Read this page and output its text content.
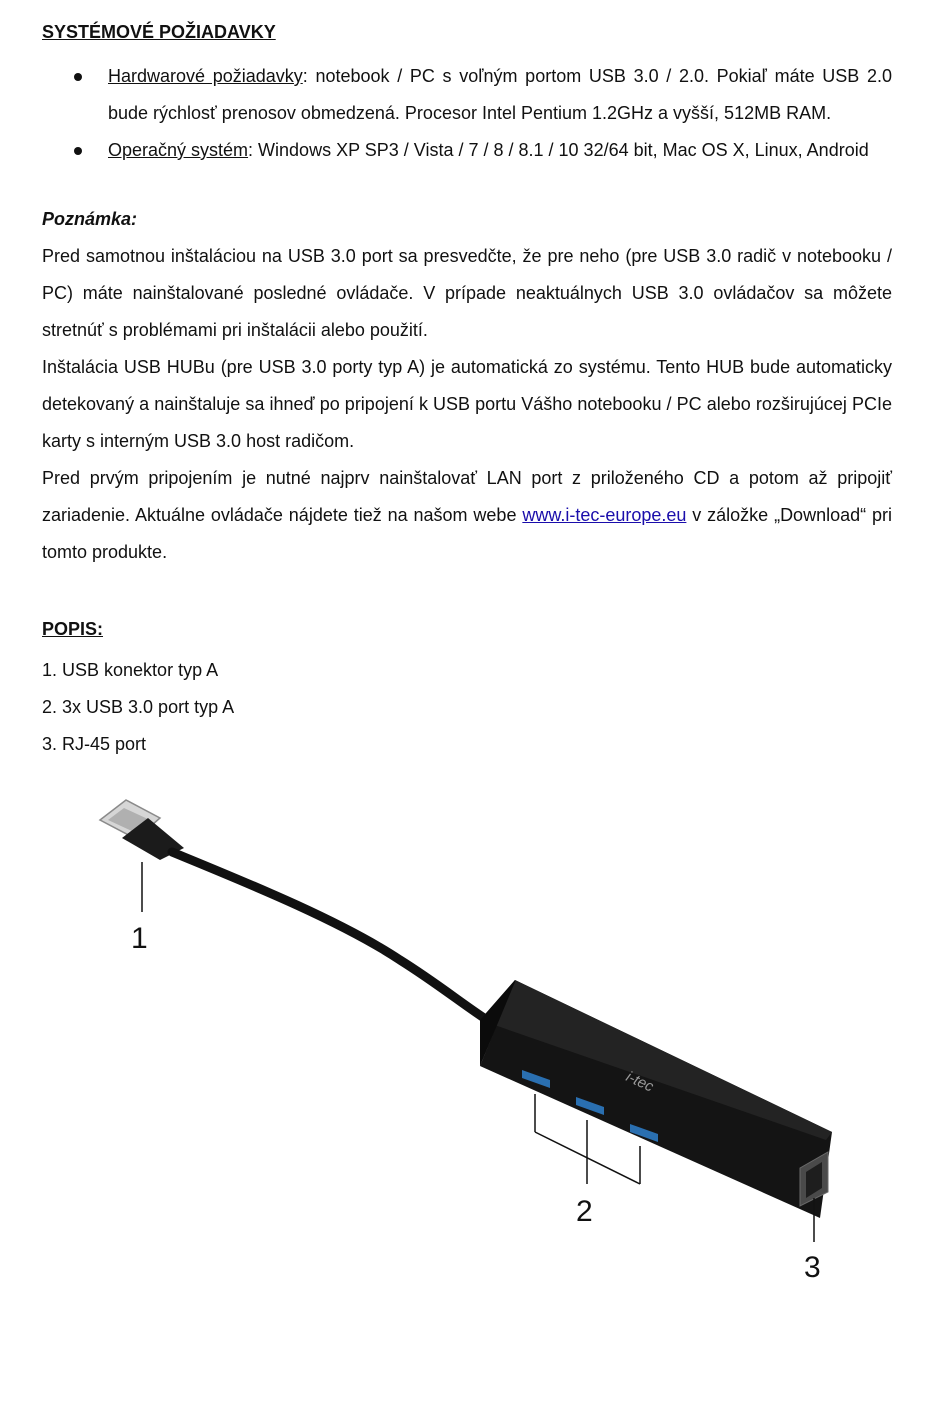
SYSTÉMOVÉ POŽIADAVKY
Hardwarové požiadavky: notebook / PC s voľným portom USB 3.0 / 2.0. Pokiaľ máte USB 2.0 bude rýchlosť prenosov obmedzená. Procesor Intel Pentium 1.2GHz a vyšší, 512MB RAM.
Operačný systém: Windows XP SP3 / Vista / 7 / 8 / 8.1 / 10 32/64 bit, Mac OS X, Linux, Android
Poznámka:
Pred samotnou inštaláciou na USB 3.0 port sa presvedčte, že pre neho (pre USB 3.0 radič v notebooku / PC) máte nainštalované posledné ovládače. V prípade neaktuálnych USB 3.0 ovládačov sa môžete stretnúť s problémami pri inštalácii alebo použití.
Inštalácia USB HUBu (pre USB 3.0 porty typ A) je automatická zo systému. Tento HUB bude automaticky detekovaný a nainštaluje sa ihneď po pripojení k USB portu Vášho notebooku / PC alebo rozširujúcej PCIe karty s interným USB 3.0 host radičom.
Pred prvým pripojením je nutné najprv nainštalovať LAN port z priloženého CD a potom až pripojiť zariadenie. Aktuálne ovládače nájdete tiež na našom webe www.i-tec-europe.eu v záložke „Download“ pri tomto produkte.
POPIS:
1. USB konektor typ A
2. 3x USB 3.0 port typ A
3. RJ-45 port
i-tec
1
2
3
